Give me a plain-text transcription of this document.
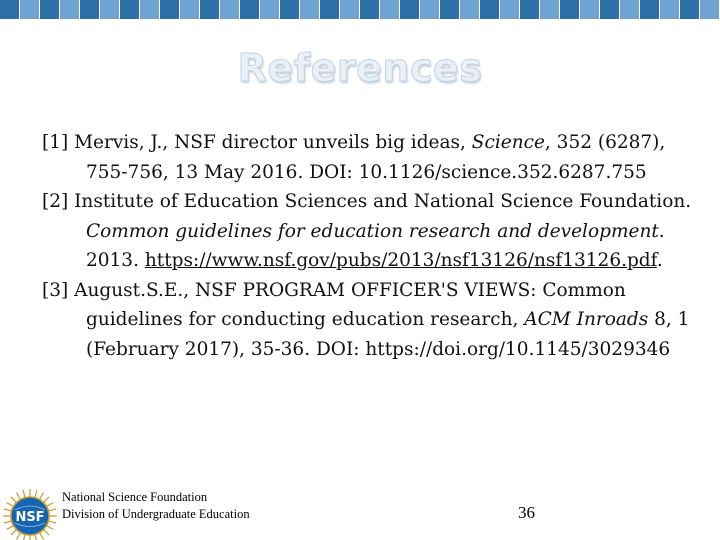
References

[1] Mervis, J., NSF director unveils big ideas, Science, 352 (6287), 755-756, 13 May 2016. DOI: 10.1126/science.352.6287.755

[2] Institute of Education Sciences and National Science Foundation. Common guidelines for education research and development. 2013. https://www.nsf.gov/pubs/2013/nsf13126/nsf13126.pdf.

[3] August.S.E., NSF PROGRAM OFFICER'S VIEWS: Common guidelines for conducting education research, ACM Inroads 8, 1 (February 2017), 35-36. DOI: https://doi.org/10.1145/3029346

NSF
National Science Foundation
Division of Undergraduate Education	36
